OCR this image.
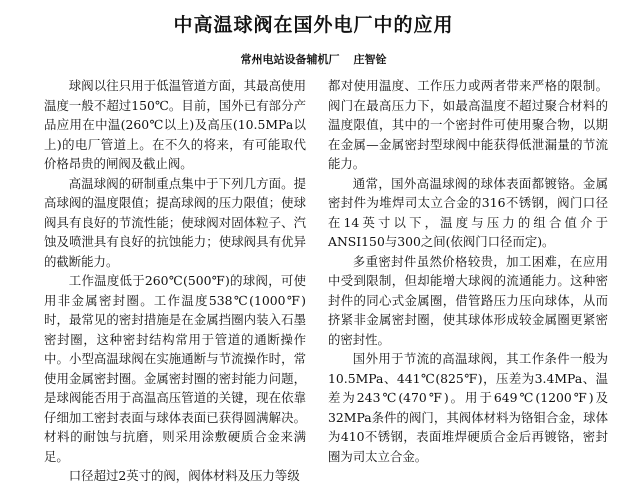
中高温球阀在国外电厂中的应用
常州电站设备辅机厂 庄智铨

球阀以往只用于低温管道方面，其最高使用温度一般不超过150℃。目前，国外已有部分产品应用在中温(260℃以上)及高压(10.5MPa以上)的电厂管道上。在不久的将来，有可能取代价格昂贵的闸阀及截止阀。

高温球阀的研制重点集中于下列几方面。提高球阀的温度限值；提高球阀的压力限值；使球阀具有良好的节流性能；使球阀对固体粒子、汽蚀及喷泄具有良好的抗蚀能力；使球阀具有优异的截断能力。

工作温度低于260℃(500℉)的球阀，可使用非金属密封圈。工作温度538℃(1000℉)时，最常见的密封措施是在金属挡圈内装入石墨密封圈，这种密封结构常用于管道的通断操作中。小型高温球阀在实施通断与节流操作时，常使用金属密封圈。金属密封圈的密封能力问题，是球阀能否用于高温高压管道的关键，现在依靠仔细加工密封表面与球体表面已获得圆满解决。材料的耐蚀与抗磨，则采用涂敷硬质合金来满足。

口径超过2英寸的阀，阀体材料及压力等级

都对使用温度、工作压力或两者带来严格的限制。阀门在最高压力下，如最高温度不超过聚合材料的温度限值，其中的一个密封件可使用聚合物，以期在金属—金属密封型球阀中能获得低泄漏量的节流能力。

通常，国外高温球阀的球体表面都镀铬。金属密封件为堆焊司太立合金的316不锈钢，阀门口径在14英寸以下，温度与压力的组合值介于ANSI150与300之间(依阀门口径而定)。

多重密封件虽然价格较贵，加工困难，在应用中受到限制，但却能增大球阀的流通能力。这种密封件的同心式金属圈，借管路压力压向球体，从而挤紧非金属密封圈，使其球体形成较金属圈更紧密的密封性。

国外用于节流的高温球阀，其工作条件一般为10.5MPa、441℃(825℉)，压差为3.4MPa、温差为243℃(470℉)。用于649℃(1200℉)及32MPa条件的阀门，其阀体材料为铬钼合金，球体为410不锈钢，表面堆焊硬质合金后再镀铬，密封圈为司太立合金。
